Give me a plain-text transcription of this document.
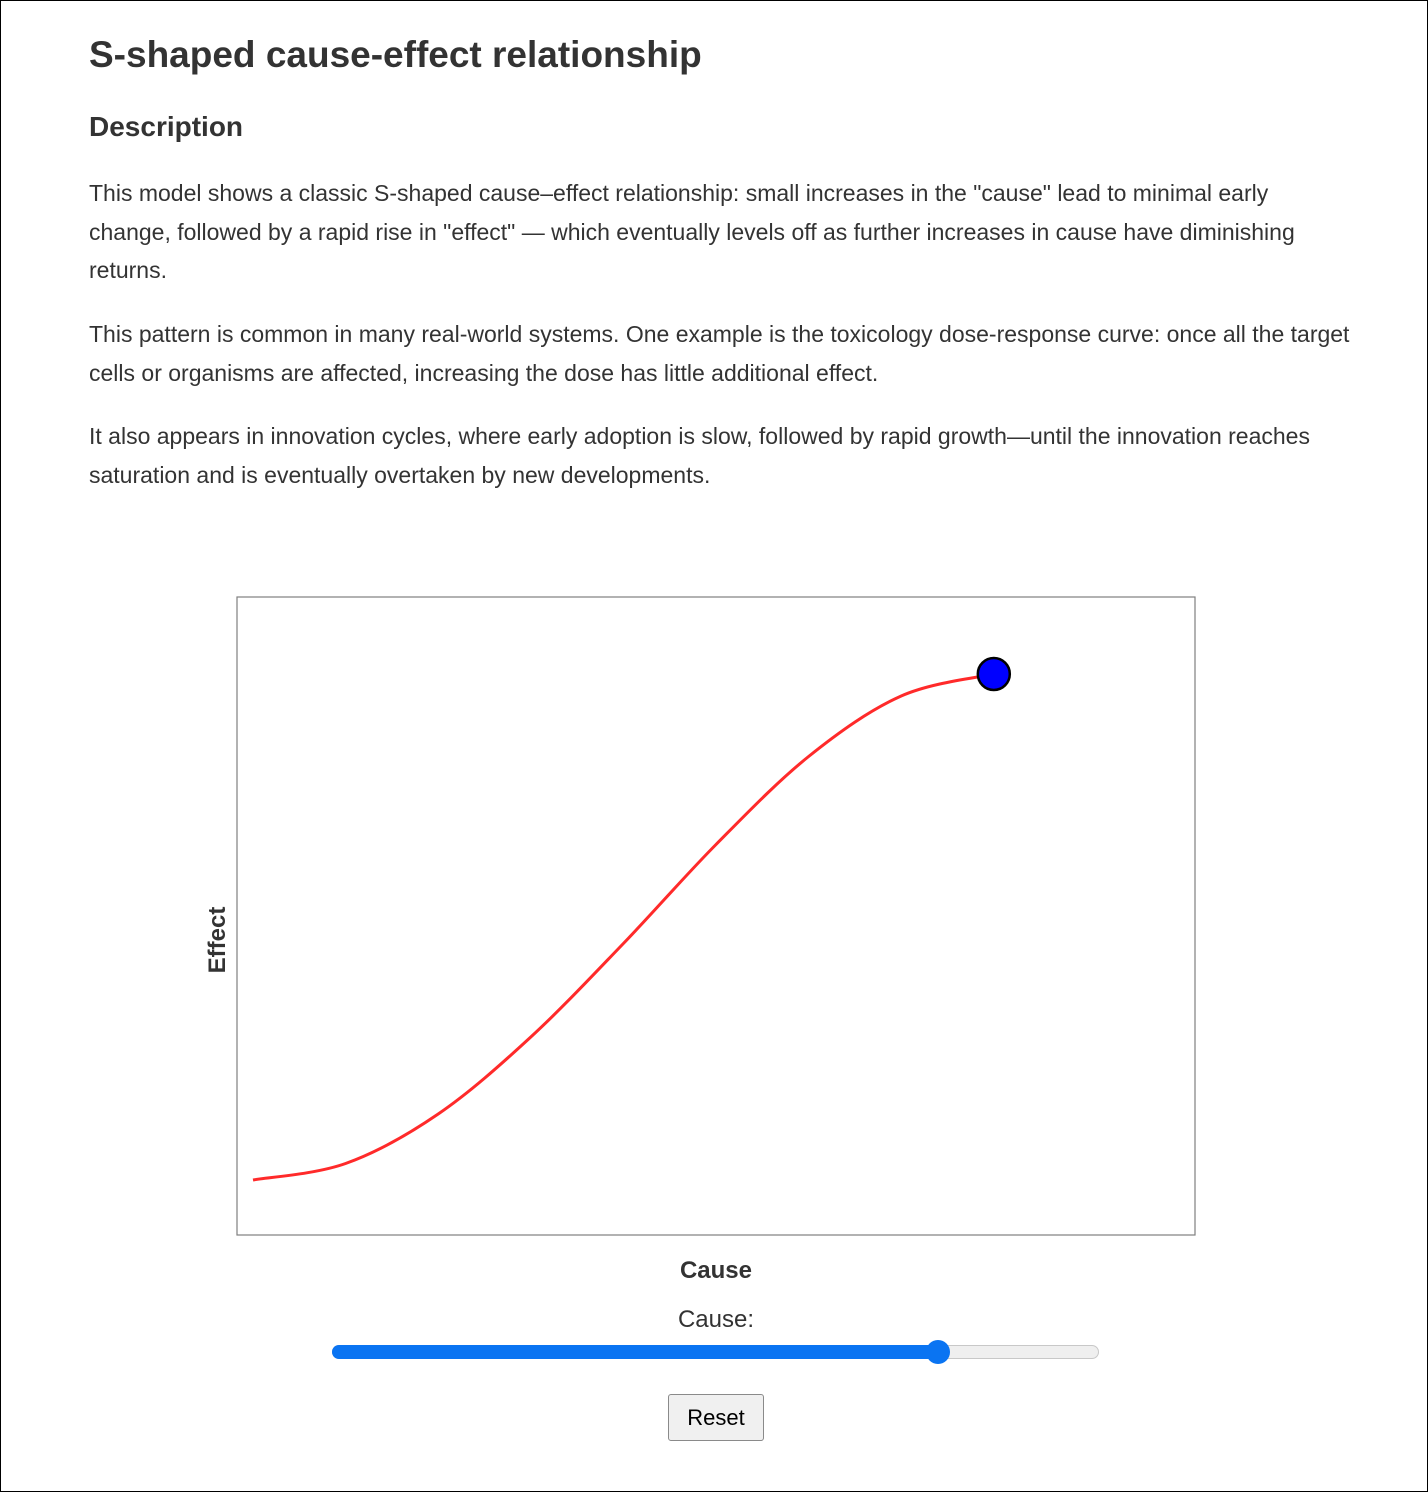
S-shaped cause-effect relationship
Description

This model shows a classic S-shaped cause–effect relationship: small increases in the "cause" lead to minimal early change, followed by a rapid rise in "effect" — which eventually levels off as further increases in cause have diminishing returns.

This pattern is common in many real-world systems. One example is the toxicology dose-response curve: once all the target cells or organisms are affected, increasing the dose has little additional effect.

It also appears in innovation cycles, where early adoption is slow, followed by rapid growth—until the innovation reaches saturation and is eventually overtaken by new developments.

Effect
Cause
Cause:
Reset
